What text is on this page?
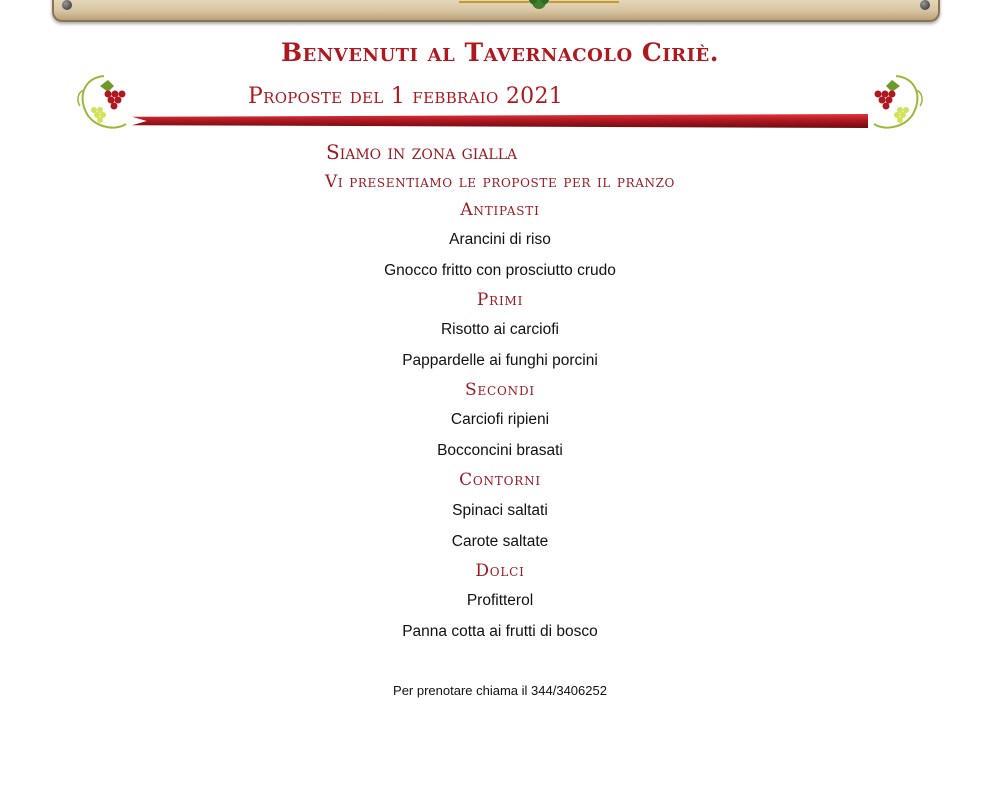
Benvenuti al Tavernacolo Ciriè.
Proposte del 1 febbraio 2021
Siamo in zona gialla
Vi presentiamo le proposte per il pranzo
Antipasti
Arancini di riso
Gnocco fritto con prosciutto crudo
Primi
Risotto ai carciofi
Pappardelle ai funghi porcini
Secondi
Carciofi ripieni
Bocconcini brasati
Contorni
Spinaci saltati
Carote saltate
Dolci
Profitterol
Panna cotta ai frutti di bosco
Per prenotare chiama il 344/3406252
